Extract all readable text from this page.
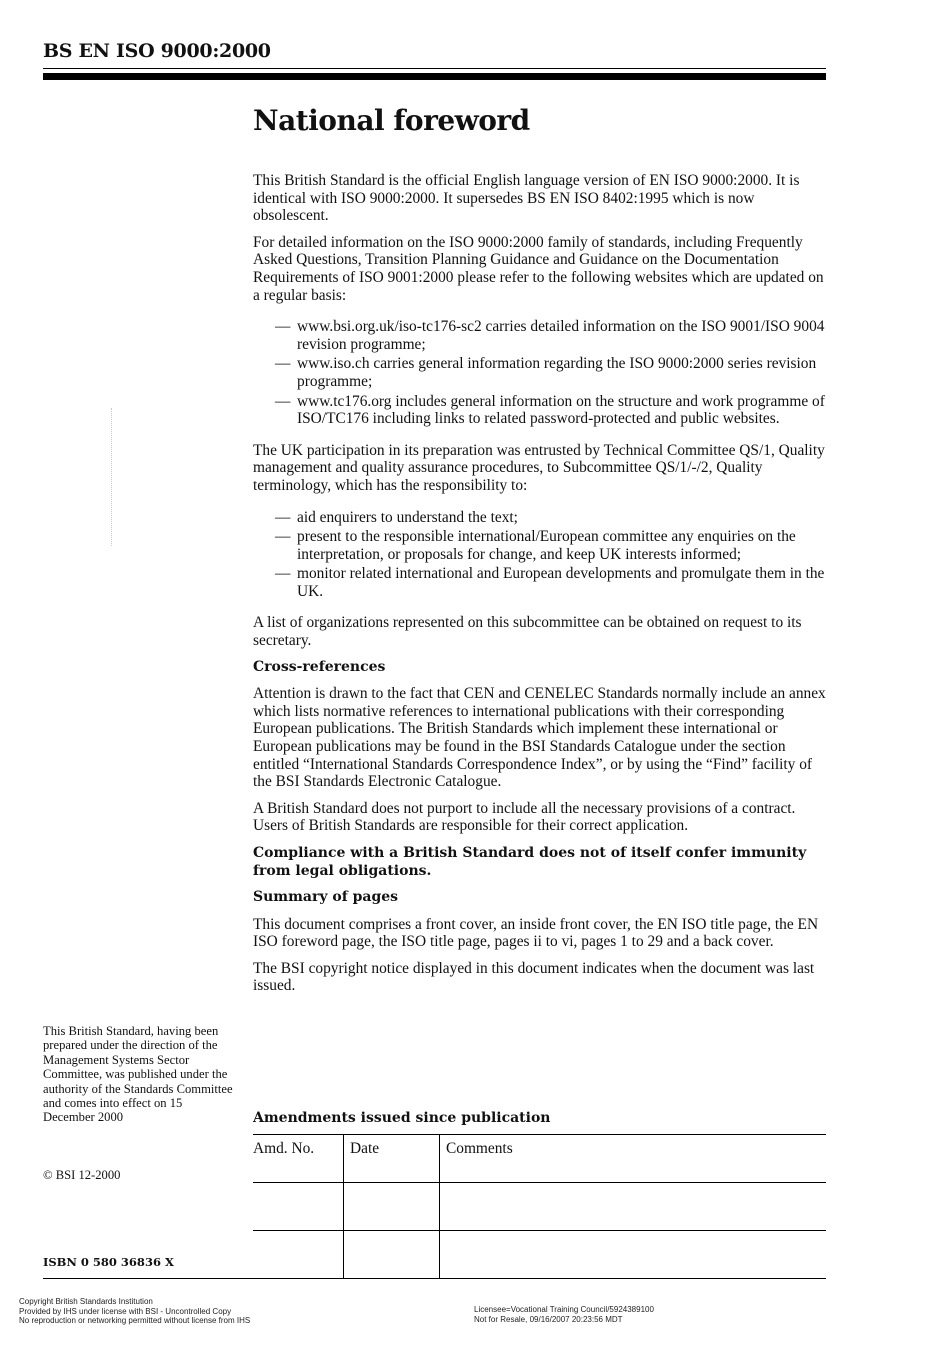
BS EN ISO 9000:2000
National foreword

This British Standard is the official English language version of EN ISO 9000:2000. It is identical with ISO 9000:2000. It supersedes BS EN ISO 8402:1995 which is now obsolescent.

For detailed information on the ISO 9000:2000 family of standards, including Frequently Asked Questions, Transition Planning Guidance and Guidance on the Documentation Requirements of ISO 9001:2000 please refer to the following websites which are updated on a regular basis:

— www.bsi.org.uk/iso-tc176-sc2 carries detailed information on the ISO 9001/ISO 9004 revision programme;
— www.iso.ch carries general information regarding the ISO 9000:2000 series revision programme;
— www.tc176.org includes general information on the structure and work programme of ISO/TC176 including links to related password-protected and public websites.

The UK participation in its preparation was entrusted by Technical Committee QS/1, Quality management and quality assurance procedures, to Subcommittee QS/1/-/2, Quality terminology, which has the responsibility to:

— aid enquirers to understand the text;
— present to the responsible international/European committee any enquiries on the interpretation, or proposals for change, and keep UK interests informed;
— monitor related international and European developments and promulgate them in the UK.

A list of organizations represented on this subcommittee can be obtained on request to its secretary.

Cross-references

Attention is drawn to the fact that CEN and CENELEC Standards normally include an annex which lists normative references to international publications with their corresponding European publications. The British Standards which implement these international or European publications may be found in the BSI Standards Catalogue under the section entitled “International Standards Correspondence Index”, or by using the “Find” facility of the BSI Standards Electronic Catalogue.

A British Standard does not purport to include all the necessary provisions of a contract. Users of British Standards are responsible for their correct application.

Compliance with a British Standard does not of itself confer immunity from legal obligations.

Summary of pages

This document comprises a front cover, an inside front cover, the EN ISO title page, the EN ISO foreword page, the ISO title page, pages ii to vi, pages 1 to 29 and a back cover.

The BSI copyright notice displayed in this document indicates when the document was last issued.

Amendments issued since publication
Amd. No.	Date	Comments

This British Standard, having been prepared under the direction of the Management Systems Sector Committee, was published under the authority of the Standards Committee and comes into effect on 15 December 2000
© BSI 12-2000
ISBN 0 580 36836 X
Copyright British Standards Institution
Provided by IHS under license with BSI - Uncontrolled Copy
No reproduction or networking permitted without license from IHS
Licensee=Vocational Training Council/5924389100
Not for Resale, 09/16/2007 20:23:56 MDT
